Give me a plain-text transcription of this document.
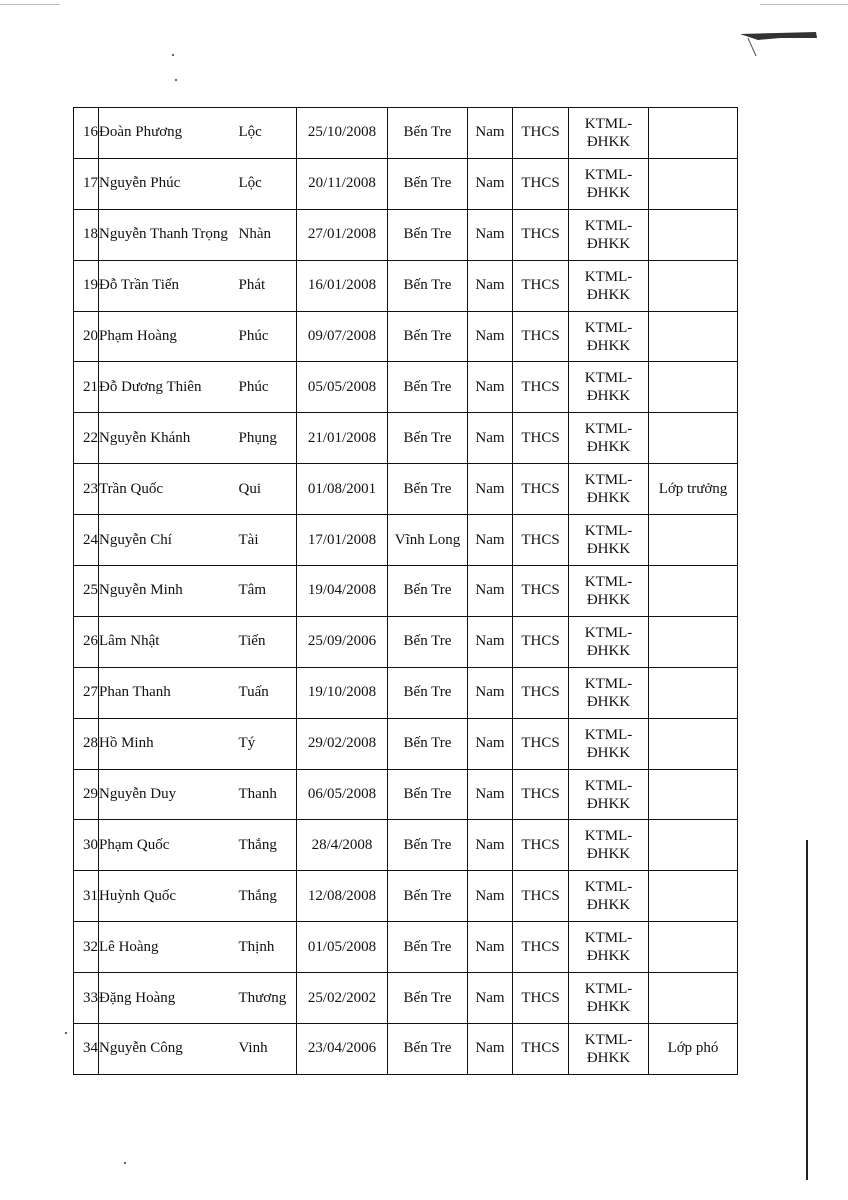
16	Đoàn Phương	Lộc	25/10/2008	Bến Tre	Nam	THCS	KTML-
ĐHKK	
17	Nguyễn Phúc	Lộc	20/11/2008	Bến Tre	Nam	THCS	KTML-
ĐHKK	
18	Nguyễn Thanh Trọng	Nhàn	27/01/2008	Bến Tre	Nam	THCS	KTML-
ĐHKK	
19	Đỗ Trần Tiến	Phát	16/01/2008	Bến Tre	Nam	THCS	KTML-
ĐHKK	
20	Phạm Hoàng	Phúc	09/07/2008	Bến Tre	Nam	THCS	KTML-
ĐHKK	
21	Đỗ Dương Thiên	Phúc	05/05/2008	Bến Tre	Nam	THCS	KTML-
ĐHKK	
22	Nguyễn Khánh	Phụng	21/01/2008	Bến Tre	Nam	THCS	KTML-
ĐHKK	
23	Trần Quốc	Qui	01/08/2001	Bến Tre	Nam	THCS	KTML-
ĐHKK	Lớp trưởng
24	Nguyễn Chí	Tài	17/01/2008	Vĩnh Long	Nam	THCS	KTML-
ĐHKK	
25	Nguyễn Minh	Tâm	19/04/2008	Bến Tre	Nam	THCS	KTML-
ĐHKK	
26	Lâm Nhật	Tiến	25/09/2006	Bến Tre	Nam	THCS	KTML-
ĐHKK	
27	Phan Thanh	Tuấn	19/10/2008	Bến Tre	Nam	THCS	KTML-
ĐHKK	
28	Hồ Minh	Tý	29/02/2008	Bến Tre	Nam	THCS	KTML-
ĐHKK	
29	Nguyễn Duy	Thanh	06/05/2008	Bến Tre	Nam	THCS	KTML-
ĐHKK	
30	Phạm Quốc	Thắng	28/4/2008	Bến Tre	Nam	THCS	KTML-
ĐHKK	
31	Huỳnh Quốc	Thắng	12/08/2008	Bến Tre	Nam	THCS	KTML-
ĐHKK	
32	Lê Hoàng	Thịnh	01/05/2008	Bến Tre	Nam	THCS	KTML-
ĐHKK	
33	Đặng Hoàng	Thương	25/02/2002	Bến Tre	Nam	THCS	KTML-
ĐHKK	
34	Nguyễn Công	Vinh	23/04/2006	Bến Tre	Nam	THCS	KTML-
ĐHKK	Lớp phó
